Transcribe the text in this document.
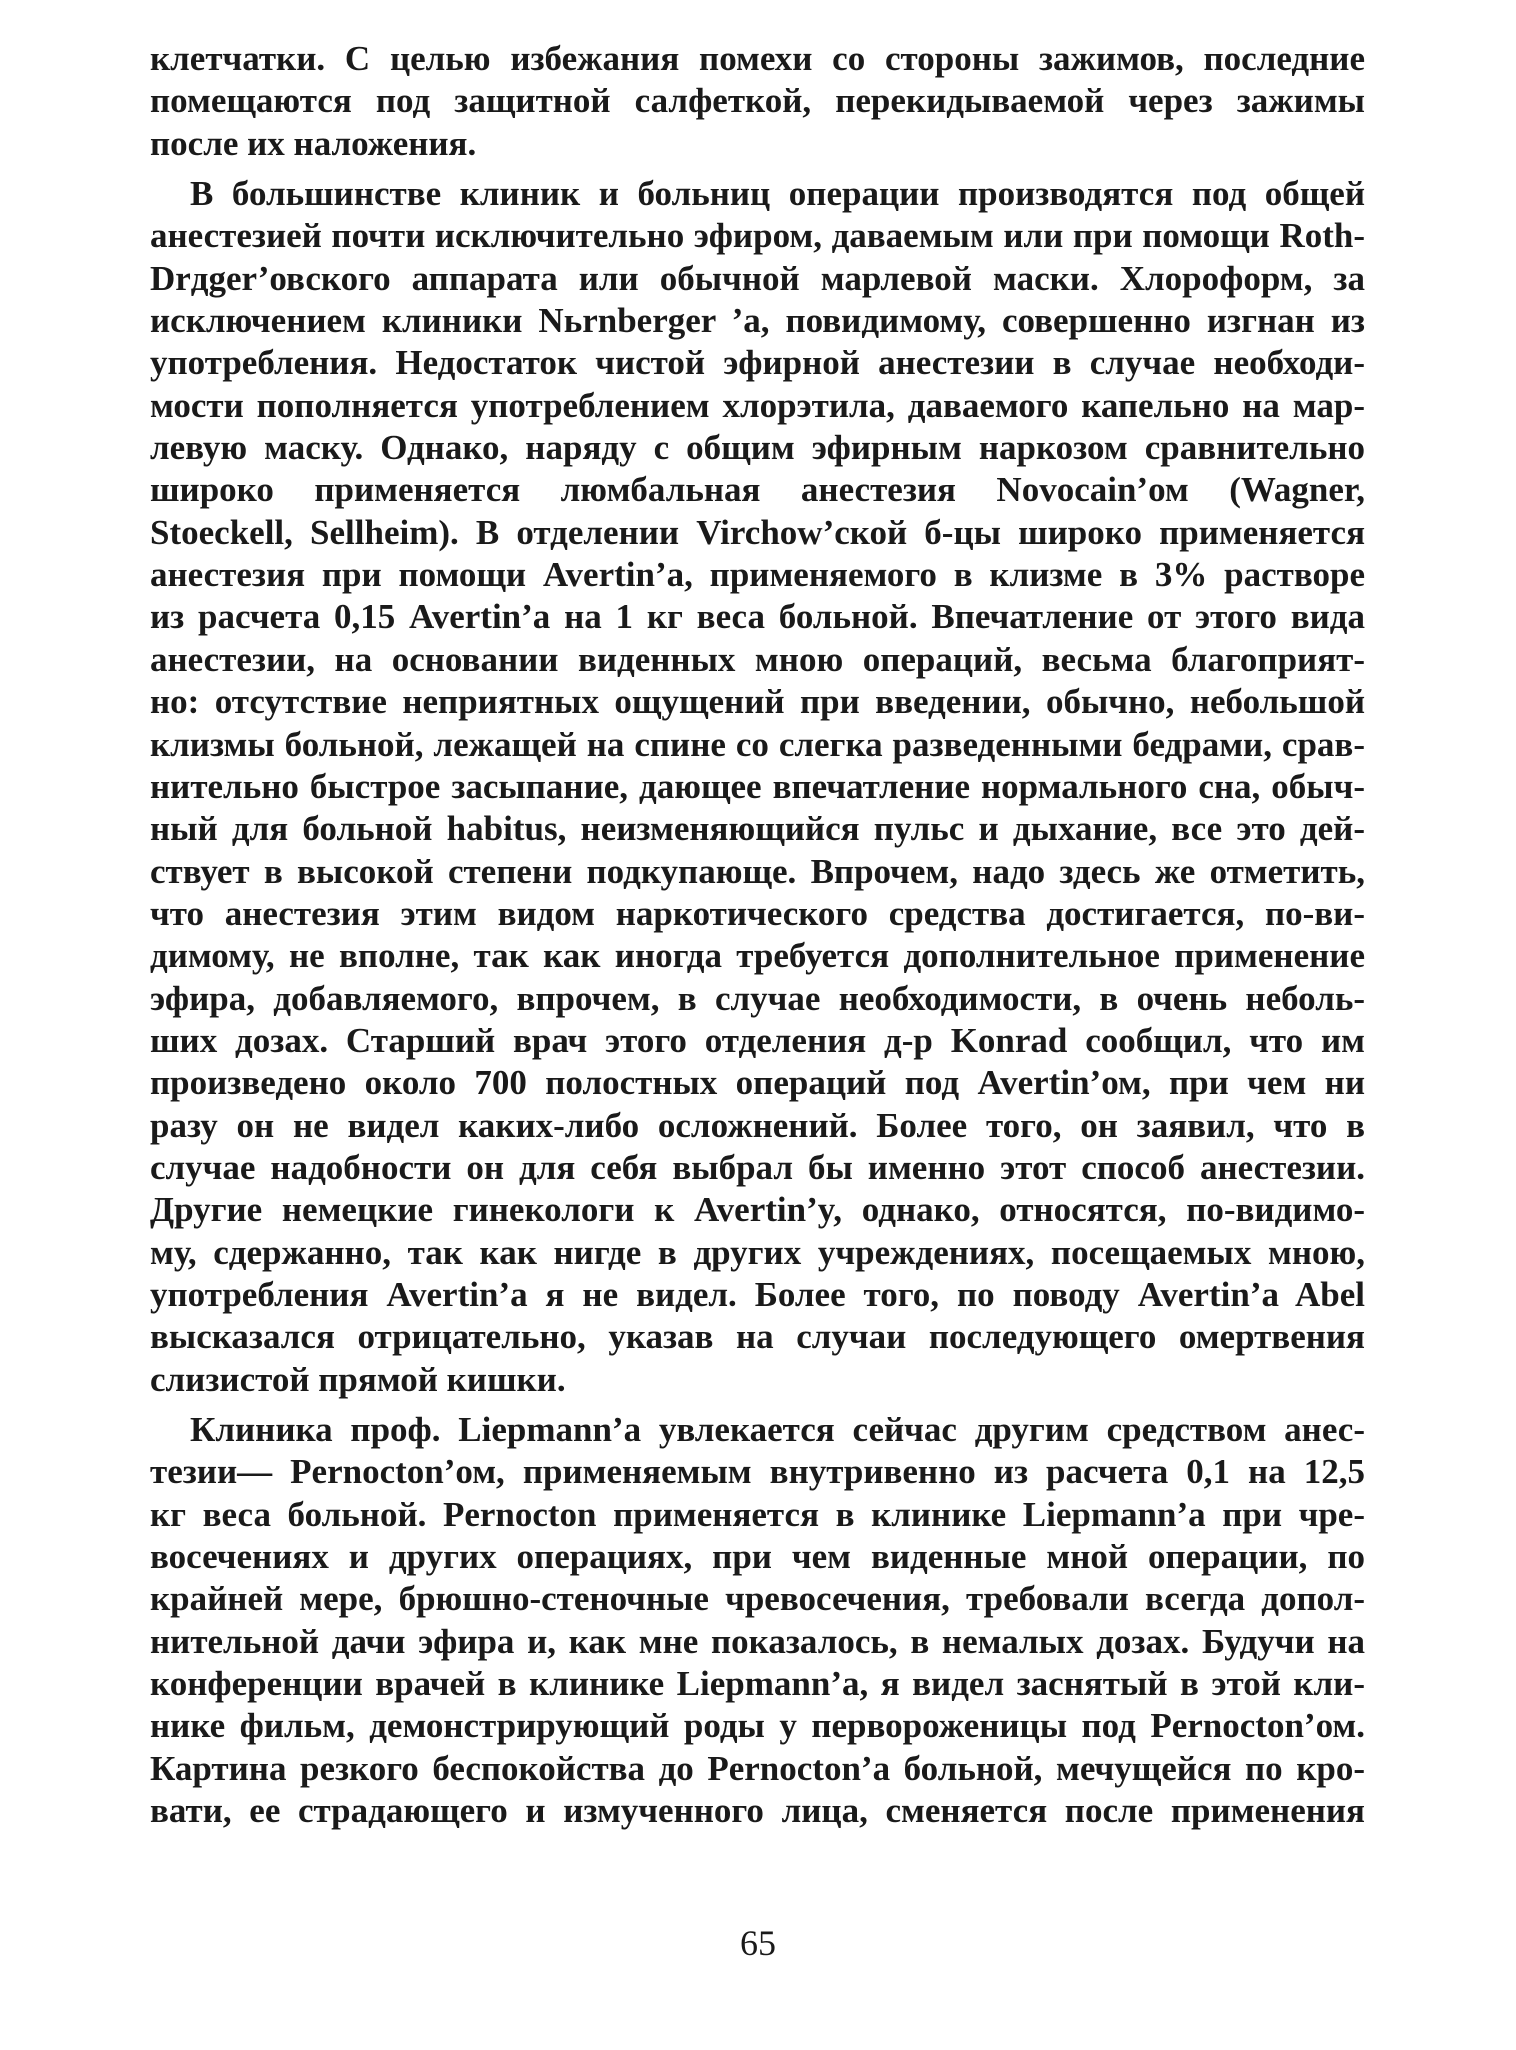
клетчатки. С целью избежания помехи со стороны зажимов, последние
помещаются под защитной салфеткой, перекидываемой через зажимы
после их наложения.
В большинстве клиник и больниц операции производятся под общей
анестезией почти исключительно эфиром, даваемым или при помощи Roth-
Drдger’овского аппарата или обычной марлевой маски. Хлороформ, за
исключением клиники Nьrnberger ’a, повидимому, совершенно изгнан из
употребления. Недостаток чистой эфирной анестезии в случае необходи-
мости пополняется употреблением хлорэтила, даваемого капельно на мар-
левую маску. Однако, наряду с общим эфирным наркозом сравнительно
широко применяется люмбальная анестезия Novocain’ом (Wagner,
Stoeckell, Sellheim). В отделении Virchow’ской б-цы широко применяется
анестезия при помощи Avertin’a, применяемого в клизме в 3% растворе
из расчета 0,15 Avertin’a на 1 кг веса больной. Впечатление от этого вида
анестезии, на основании виденных мною операций, весьма благоприят-
но: отсутствие неприятных ощущений при введении, обычно, небольшой
клизмы больной, лежащей на спине со слегка разведенными бедрами, срав-
нительно быстрое засыпание, дающее впечатление нормального сна, обыч-
ный для больной habitus, неизменяющийся пульс и дыхание, все это дей-
ствует в высокой степени подкупающе. Впрочем, надо здесь же отметить,
что анестезия этим видом наркотического средства достигается, по-ви-
димому, не вполне, так как иногда требуется дополнительное применение
эфира, добавляемого, впрочем, в случае необходимости, в очень неболь-
ших дозах. Старший врач этого отделения д-р Konrad сообщил, что им
произведено около 700 полостных операций под Avertin’ом, при чем ни
разу он не видел каких-либо осложнений. Более того, он заявил, что в
случае надобности он для себя выбрал бы именно этот способ анестезии.
Другие немецкие гинекологи к Avertin’y, однако, относятся, по-видимо-
му, сдержанно, так как нигде в других учреждениях, посещаемых мною,
употребления Avertin’a я не видел. Более того, по поводу Avertin’a Abel
высказался отрицательно, указав на случаи последующего омертвения
слизистой прямой кишки.
Клиника проф. Liepmann’a увлекается сейчас другим средством анес-
тезии— Pernocton’ом, применяемым внутривенно из расчета 0,1 на 12,5
кг веса больной. Pernocton применяется в клинике Liepmann’a при чре-
восечениях и других операциях, при чем виденные мной операции, по
крайней мере, брюшно-стеночные чревосечения, требовали всегда допол-
нительной дачи эфира и, как мне показалось, в немалых дозах. Будучи на
конференции врачей в клинике Liepmann’a, я видел заснятый в этой кли-
нике фильм, демонстрирующий роды у первороженицы под Pernocton’ом.
Картина резкого беспокойства до Pernocton’a больной, мечущейся по кро-
вати, ее страдающего и измученного лица, сменяется после применения
65
